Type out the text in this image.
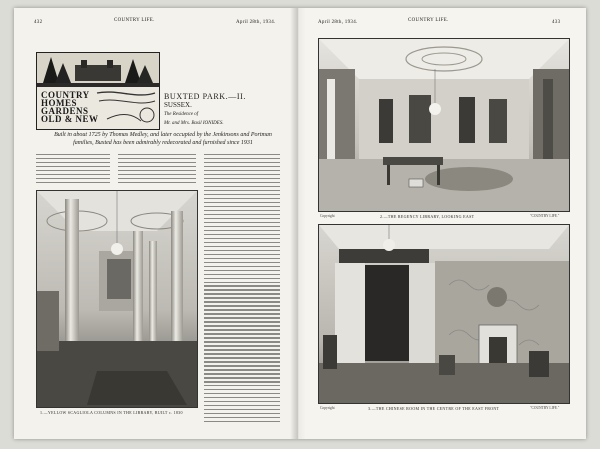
432	COUNTRY LIFE.	April 28th, 1934.
COUNTRY
HOMES
GARDENS
OLD & NEW
BUXTED PARK.—II.
SUSSEX.
The Residence of
Mr. and Mrs. Basil IONIDES.
Built in about 1725 by Thomas Medley, and later occupied by the Jenkinsons and Portman families, Buxted has been admirably redecorated and furnished since 1931
1.—YELLOW SCAGLIOLA COLUMNS IN THE LIBRARY, BUILT c. 1830
April 28th, 1934.	COUNTRY LIFE.	433
Copyright	2.—THE REGENCY LIBRARY, LOOKING EAST	"COUNTRY LIFE."
Copyright	3.—THE CHINESE ROOM IN THE CENTRE OF THE EAST FRONT	"COUNTRY LIFE."
